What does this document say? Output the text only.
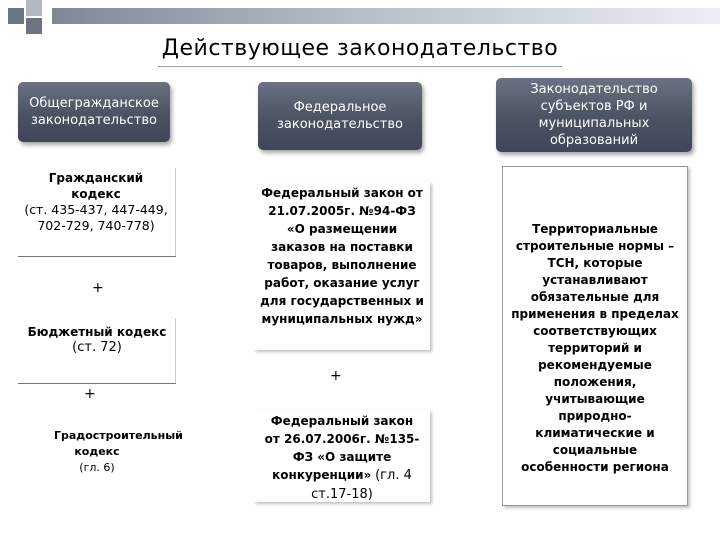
Действующее законодательство
Общегражданское законодательство
Федеральное законодательство
Законодательство субъектов РФ и муниципальных образований
Гражданский кодекс
(ст. 435-437, 447-449, 702-729, 740-778)
+
Бюджетный кодекс
(ст. 72)
+
Градостроительный кодекс
(гл. 6)
Федеральный закон от 21.07.2005г. №94-ФЗ «О размещении заказов на поставки товаров, выполнение работ, оказание услуг для государственных и муниципальных нужд»
+
Федеральный закон от 26.07.2006г. №135-ФЗ «О защите конкуренции» (гл. 4 ст.17-18)
Территориальные строительные нормы – ТСН, которые устанавливают обязательные для применения в пределах соответствующих территорий и рекомендуемые положения, учитывающие природно-климатические и социальные особенности региона
